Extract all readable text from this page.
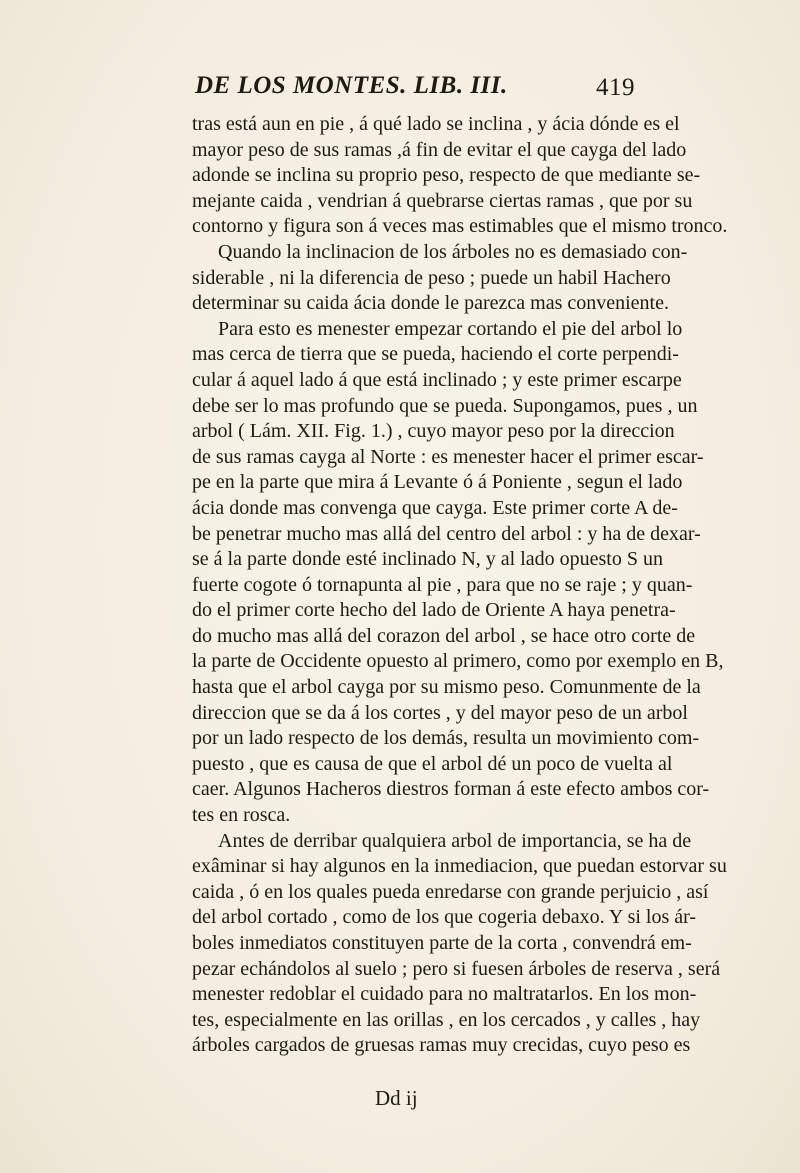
DE LOS MONTES. LIB. III.	419
tras está aun en pie , á qué lado se inclina , y ácia dónde es el
mayor peso de sus ramas ,á fin de evitar el que cayga del lado
adonde se inclina su proprio peso, respecto de que mediante se-
mejante caida , vendrian á quebrarse ciertas ramas , que por su
contorno y figura son á veces mas estimables que el mismo tronco.
Quando la inclinacion de los árboles no es demasiado con-
siderable , ni la diferencia de peso ; puede un habil Hachero
determinar su caida ácia donde le parezca mas conveniente.
Para esto es menester empezar cortando el pie del arbol lo
mas cerca de tierra que se pueda, haciendo el corte perpendi-
cular á aquel lado á que está inclinado ; y este primer escarpe
debe ser lo mas profundo que se pueda. Supongamos, pues , un
arbol ( Lám. XII. Fig. 1.) , cuyo mayor peso por la direccion
de sus ramas cayga al Norte : es menester hacer el primer escar-
pe en la parte que mira á Levante ó á Poniente , segun el lado
ácia donde mas convenga que cayga. Este primer corte A de-
be penetrar mucho mas allá del centro del arbol : y ha de dexar-
se á la parte donde esté inclinado N, y al lado opuesto S un
fuerte cogote ó tornapunta al pie , para que no se raje ; y quan-
do el primer corte hecho del lado de Oriente A haya penetra-
do mucho mas allá del corazon del arbol , se hace otro corte de
la parte de Occidente opuesto al primero, como por exemplo en B,
hasta que el arbol cayga por su mismo peso. Comunmente de la
direccion que se da á los cortes , y del mayor peso de un arbol
por un lado respecto de los demás, resulta un movimiento com-
puesto , que es causa de que el arbol dé un poco de vuelta al
caer. Algunos Hacheros diestros forman á este efecto ambos cor-
tes en rosca.
Antes de derribar qualquiera arbol de importancia, se ha de
exâminar si hay algunos en la inmediacion, que puedan estorvar su
caida , ó en los quales pueda enredarse con grande perjuicio , así
del arbol cortado , como de los que cogeria debaxo. Y si los ár-
boles inmediatos constituyen parte de la corta , convendrá em-
pezar echándolos al suelo ; pero si fuesen árboles de reserva , será
menester redoblar el cuidado para no maltratarlos. En los mon-
tes, especialmente en las orillas , en los cercados , y calles , hay
árboles cargados de gruesas ramas muy crecidas, cuyo peso es
Dd ij
